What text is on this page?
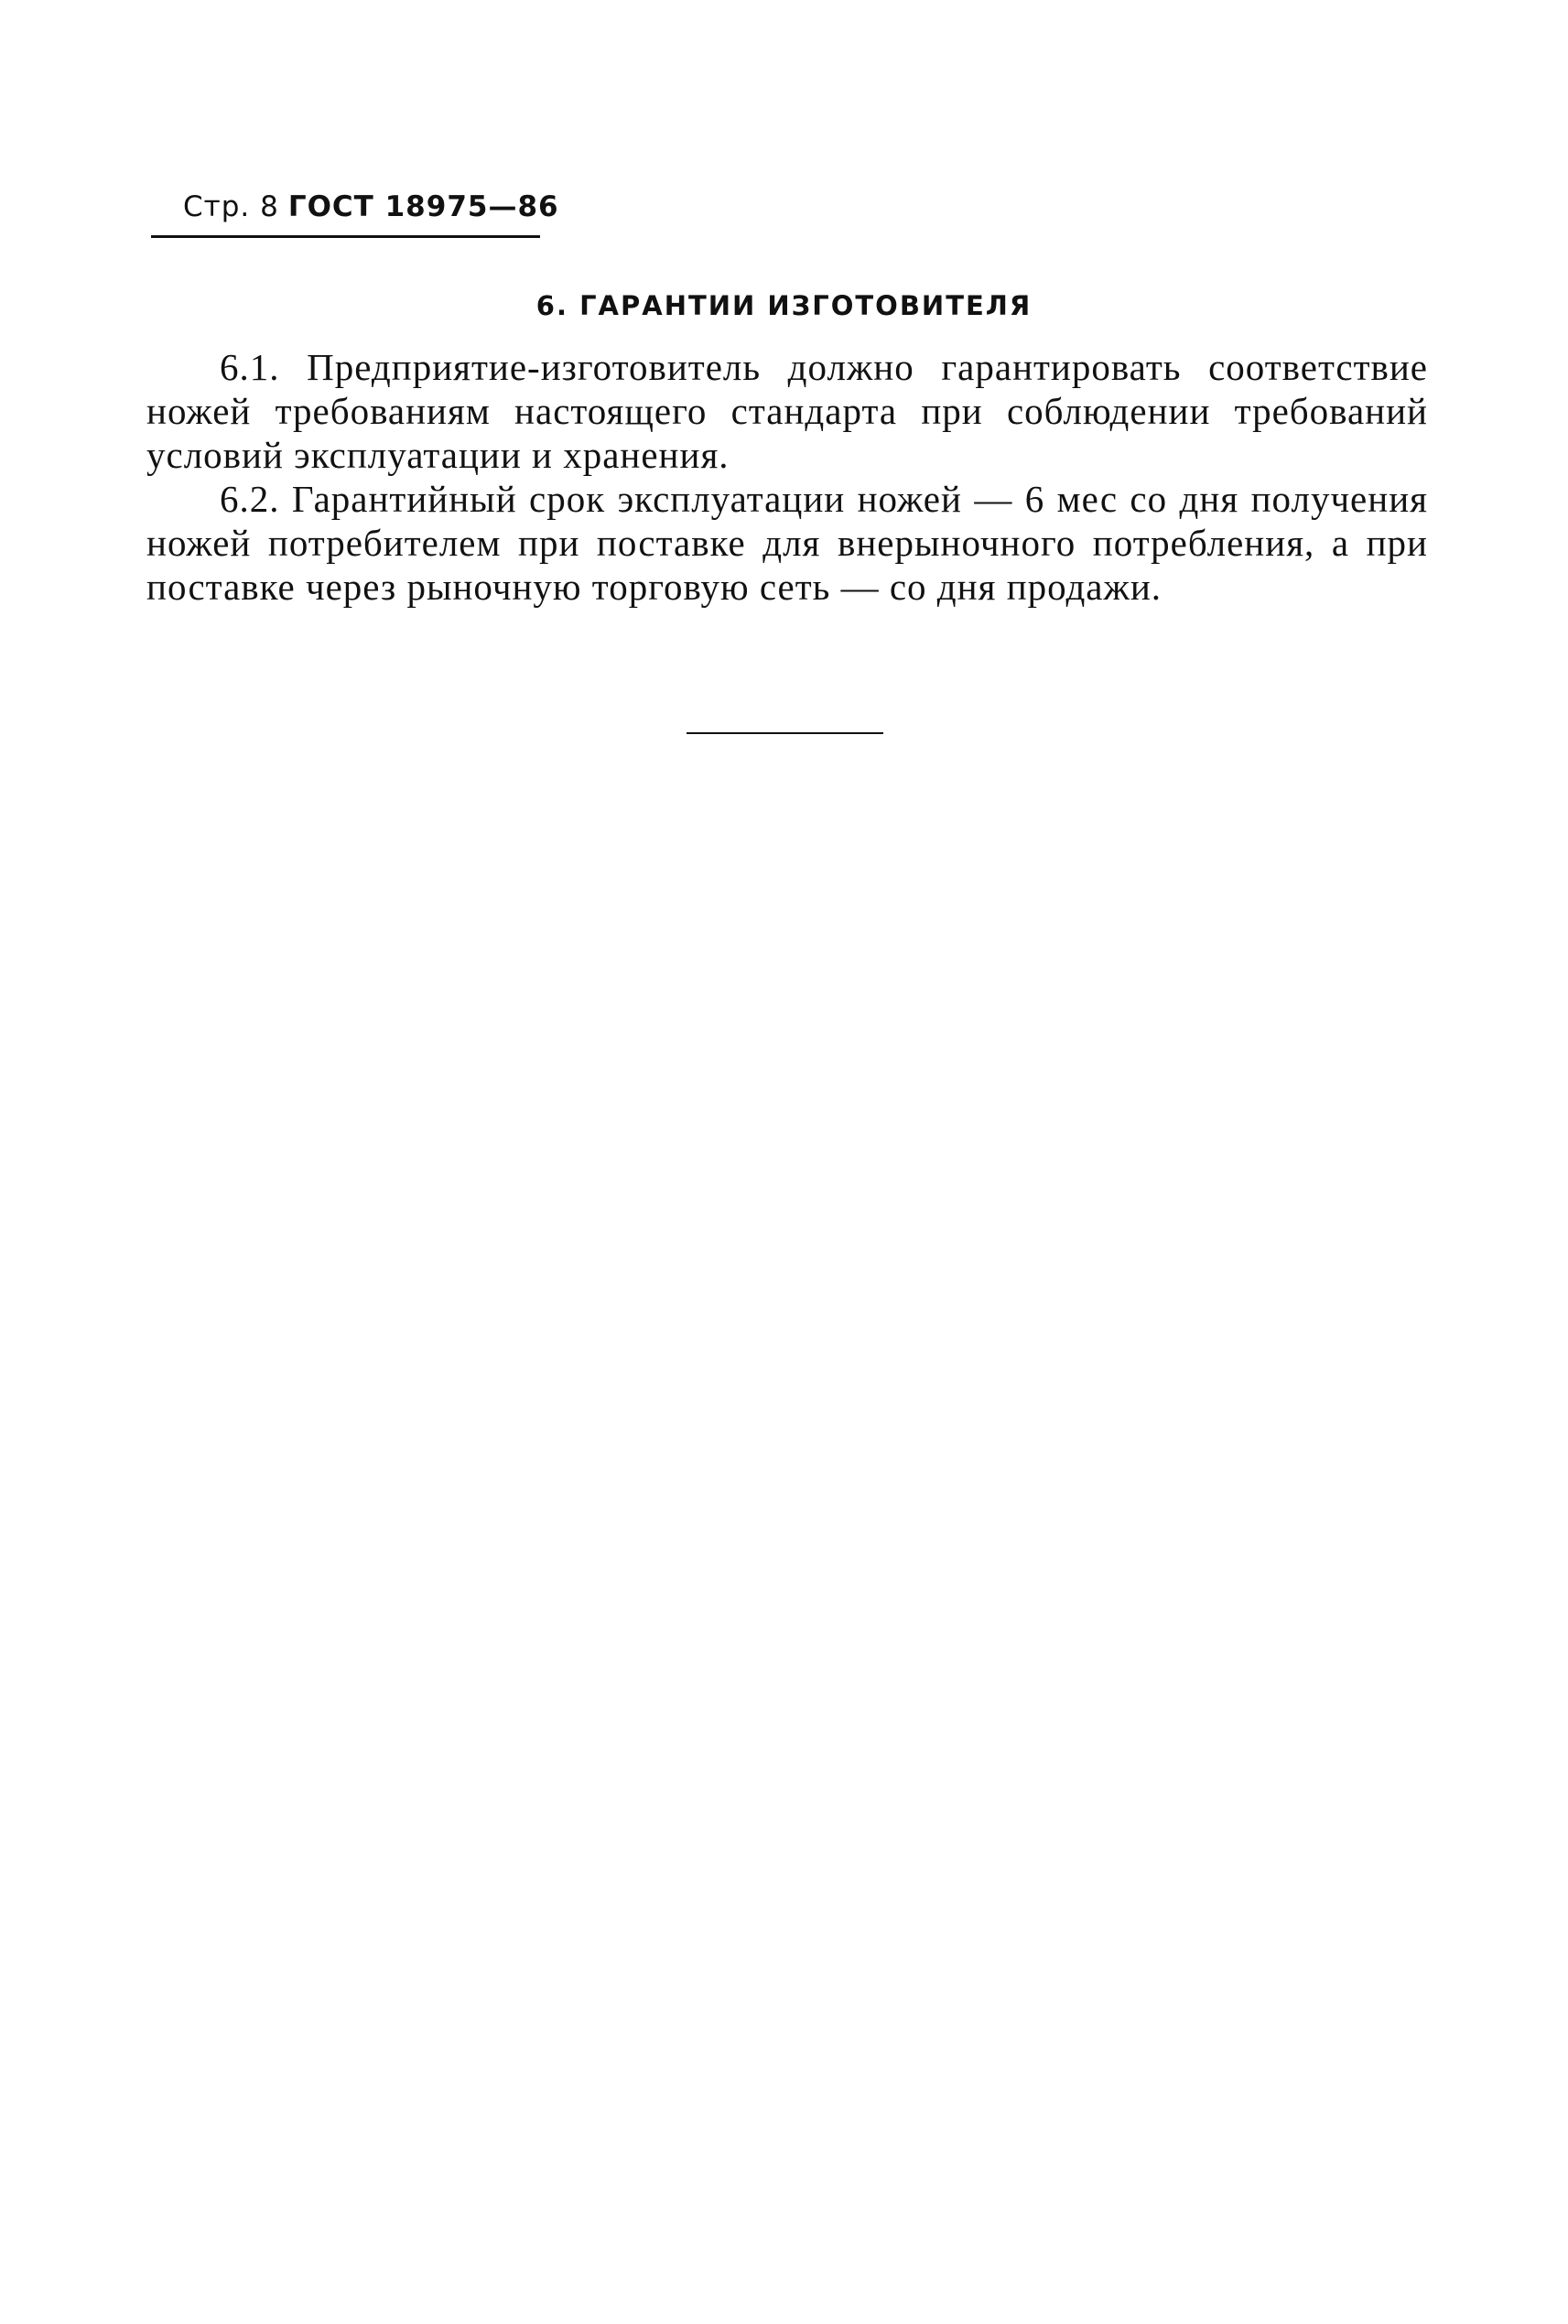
Стр. 8 ГОСТ 18975—86
6. ГАРАНТИИ ИЗГОТОВИТЕЛЯ

6.1. Предприятие-изготовитель должно гарантировать соответствие ножей требованиям настоящего стандарта при соблюдении требований условий эксплуатации и хранения.

6.2. Гарантийный срок эксплуатации ножей — 6 мес со дня получения ножей потребителем при поставке для внерыночного потребления, а при поставке через рыночную торговую сеть — со дня продажи.
